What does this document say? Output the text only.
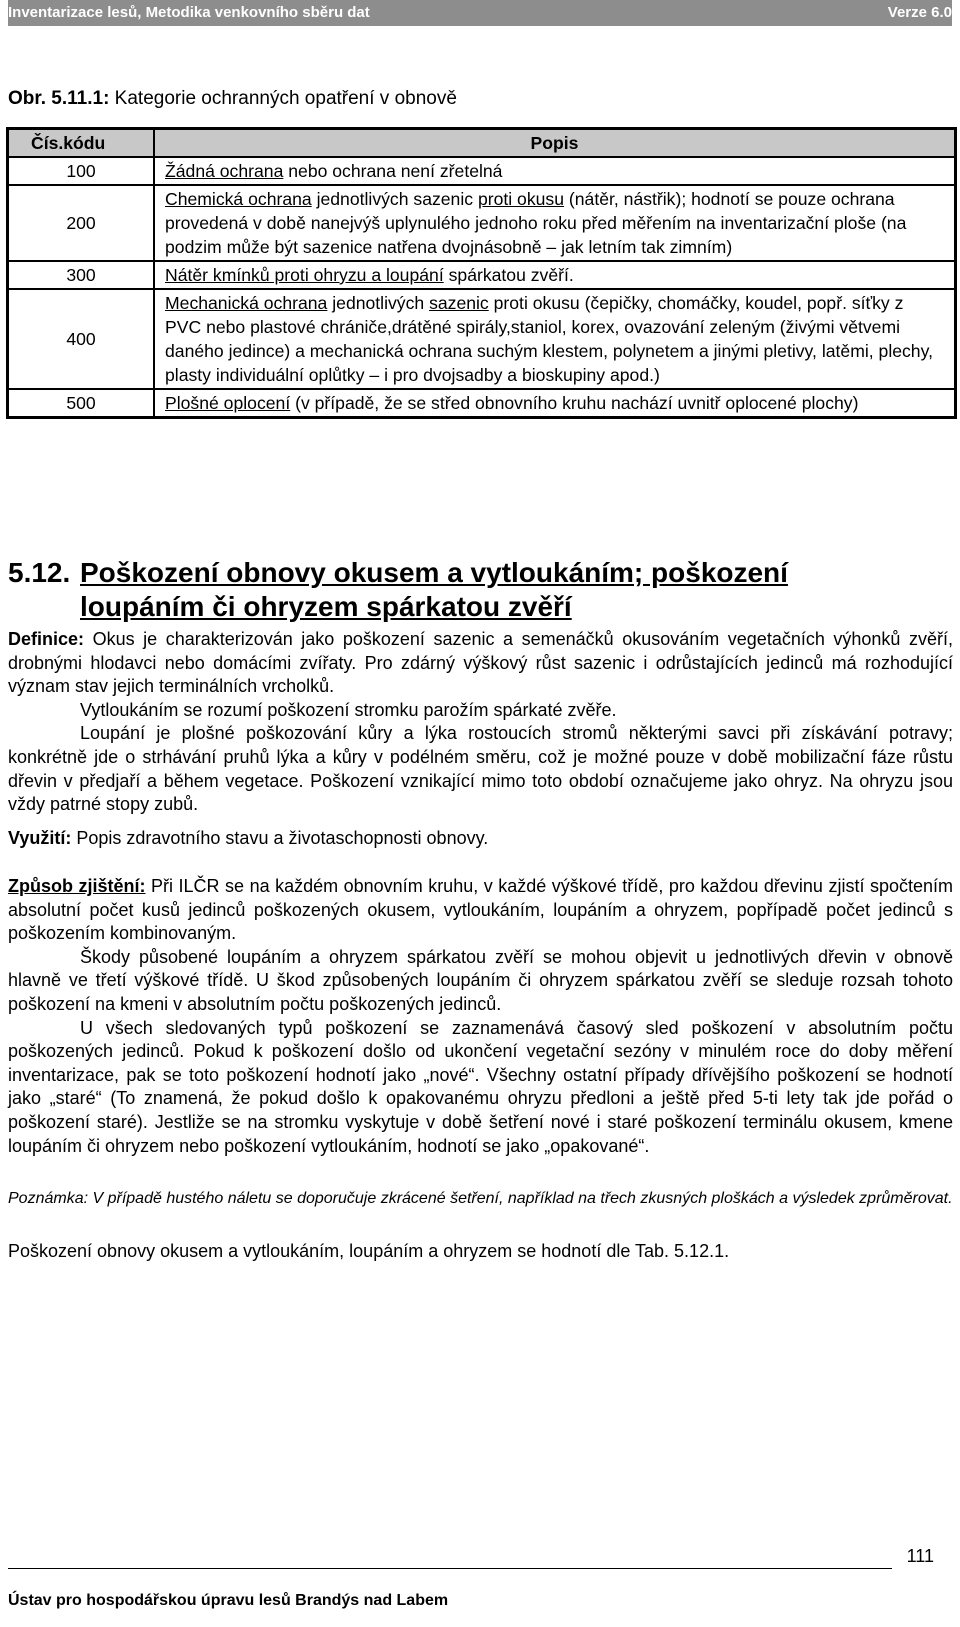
Inventarizace lesů, Metodika venkovního sběru dat	Verze 6.0
Obr. 5.11.1: Kategorie ochranných opatření v obnově
Čís.kódu	Popis
100	Žádná ochrana nebo ochrana není zřetelná
200	Chemická ochrana jednotlivých sazenic proti okusu (nátěr, nástřik); hodnotí se pouze ochrana provedená v době nanejvýš uplynulého jednoho roku před měřením na inventarizační ploše (na podzim může být sazenice natřena dvojnásobně – jak letním tak zimním)
300	Nátěr kmínků proti ohryzu a loupání spárkatou zvěří.
400	Mechanická ochrana jednotlivých sazenic proti okusu (čepičky, chomáčky, koudel, popř. síťky z PVC nebo plastové chrániče,drátěné spirály,staniol, korex, ovazování zeleným (živými větvemi daného jedince) a mechanická ochrana suchým klestem, polynetem a jinými pletivy, latěmi, plechy, plasty individuální oplůtky – i pro dvojsadby a bioskupiny apod.)
500	Plošné oplocení (v případě, že se střed obnovního kruhu nachází uvnitř oplocené plochy)
5.12. Poškození obnovy okusem a vytloukáním; poškození
loupáním či ohryzem spárkatou zvěří

Definice: Okus je charakterizován jako poškození sazenic a semenáčků okusováním vegetačních výhonků zvěří, drobnými hlodavci nebo domácími zvířaty. Pro zdárný výškový růst sazenic i odrůstajících jedinců má rozhodující význam stav jejich terminálních vrcholků.

Vytloukáním se rozumí poškození stromku parožím spárkaté zvěře.

Loupání je plošné poškozování kůry a lýka rostoucích stromů některými savci při získávání potravy; konkrétně jde o strhávání pruhů lýka a kůry v podélném směru, což je možné pouze v době mobilizační fáze růstu dřevin v předjaří a během vegetace. Poškození vznikající mimo toto období označujeme jako ohryz. Na ohryzu jsou vždy patrné stopy zubů.

Využití: Popis zdravotního stavu a životaschopnosti obnovy.

Způsob zjištění: Při ILČR se na každém obnovním kruhu, v každé výškové třídě, pro každou dřevinu zjistí spočtením absolutní počet kusů jedinců poškozených okusem, vytloukáním, loupáním a ohryzem, popřípadě počet jedinců s poškozením kombinovaným.

Škody působené loupáním a ohryzem spárkatou zvěří se mohou objevit u jednotlivých dřevin v obnově hlavně ve třetí výškové třídě. U škod způsobených loupáním či ohryzem spárkatou zvěří se sleduje rozsah tohoto poškození na kmeni v absolutním počtu poškozených jedinců.

U všech sledovaných typů poškození se zaznamenává časový sled poškození v absolutním počtu poškozených jedinců. Pokud k poškození došlo od ukončení vegetační sezóny v minulém roce do doby měření inventarizace, pak se toto poškození hodnotí jako „nové“. Všechny ostatní případy dřívějšího poškození se hodnotí jako „staré“ (To znamená, že pokud došlo k opakovanému ohryzu předloni a ještě před 5-ti lety tak jde pořád o poškození staré). Jestliže se na stromku vyskytuje v době šetření nové i staré poškození terminálu okusem, kmene loupáním či ohryzem nebo poškození vytloukáním, hodnotí se jako „opakované“.

Poznámka: V případě hustého náletu se doporučuje zkrácené šetření, například na třech zkusných ploškách a výsledek zprůměrovat.
Poškození obnovy okusem a vytloukáním, loupáním a ohryzem se hodnotí dle Tab. 5.12.1.
111
Ústav pro hospodářskou úpravu lesů Brandýs nad Labem
